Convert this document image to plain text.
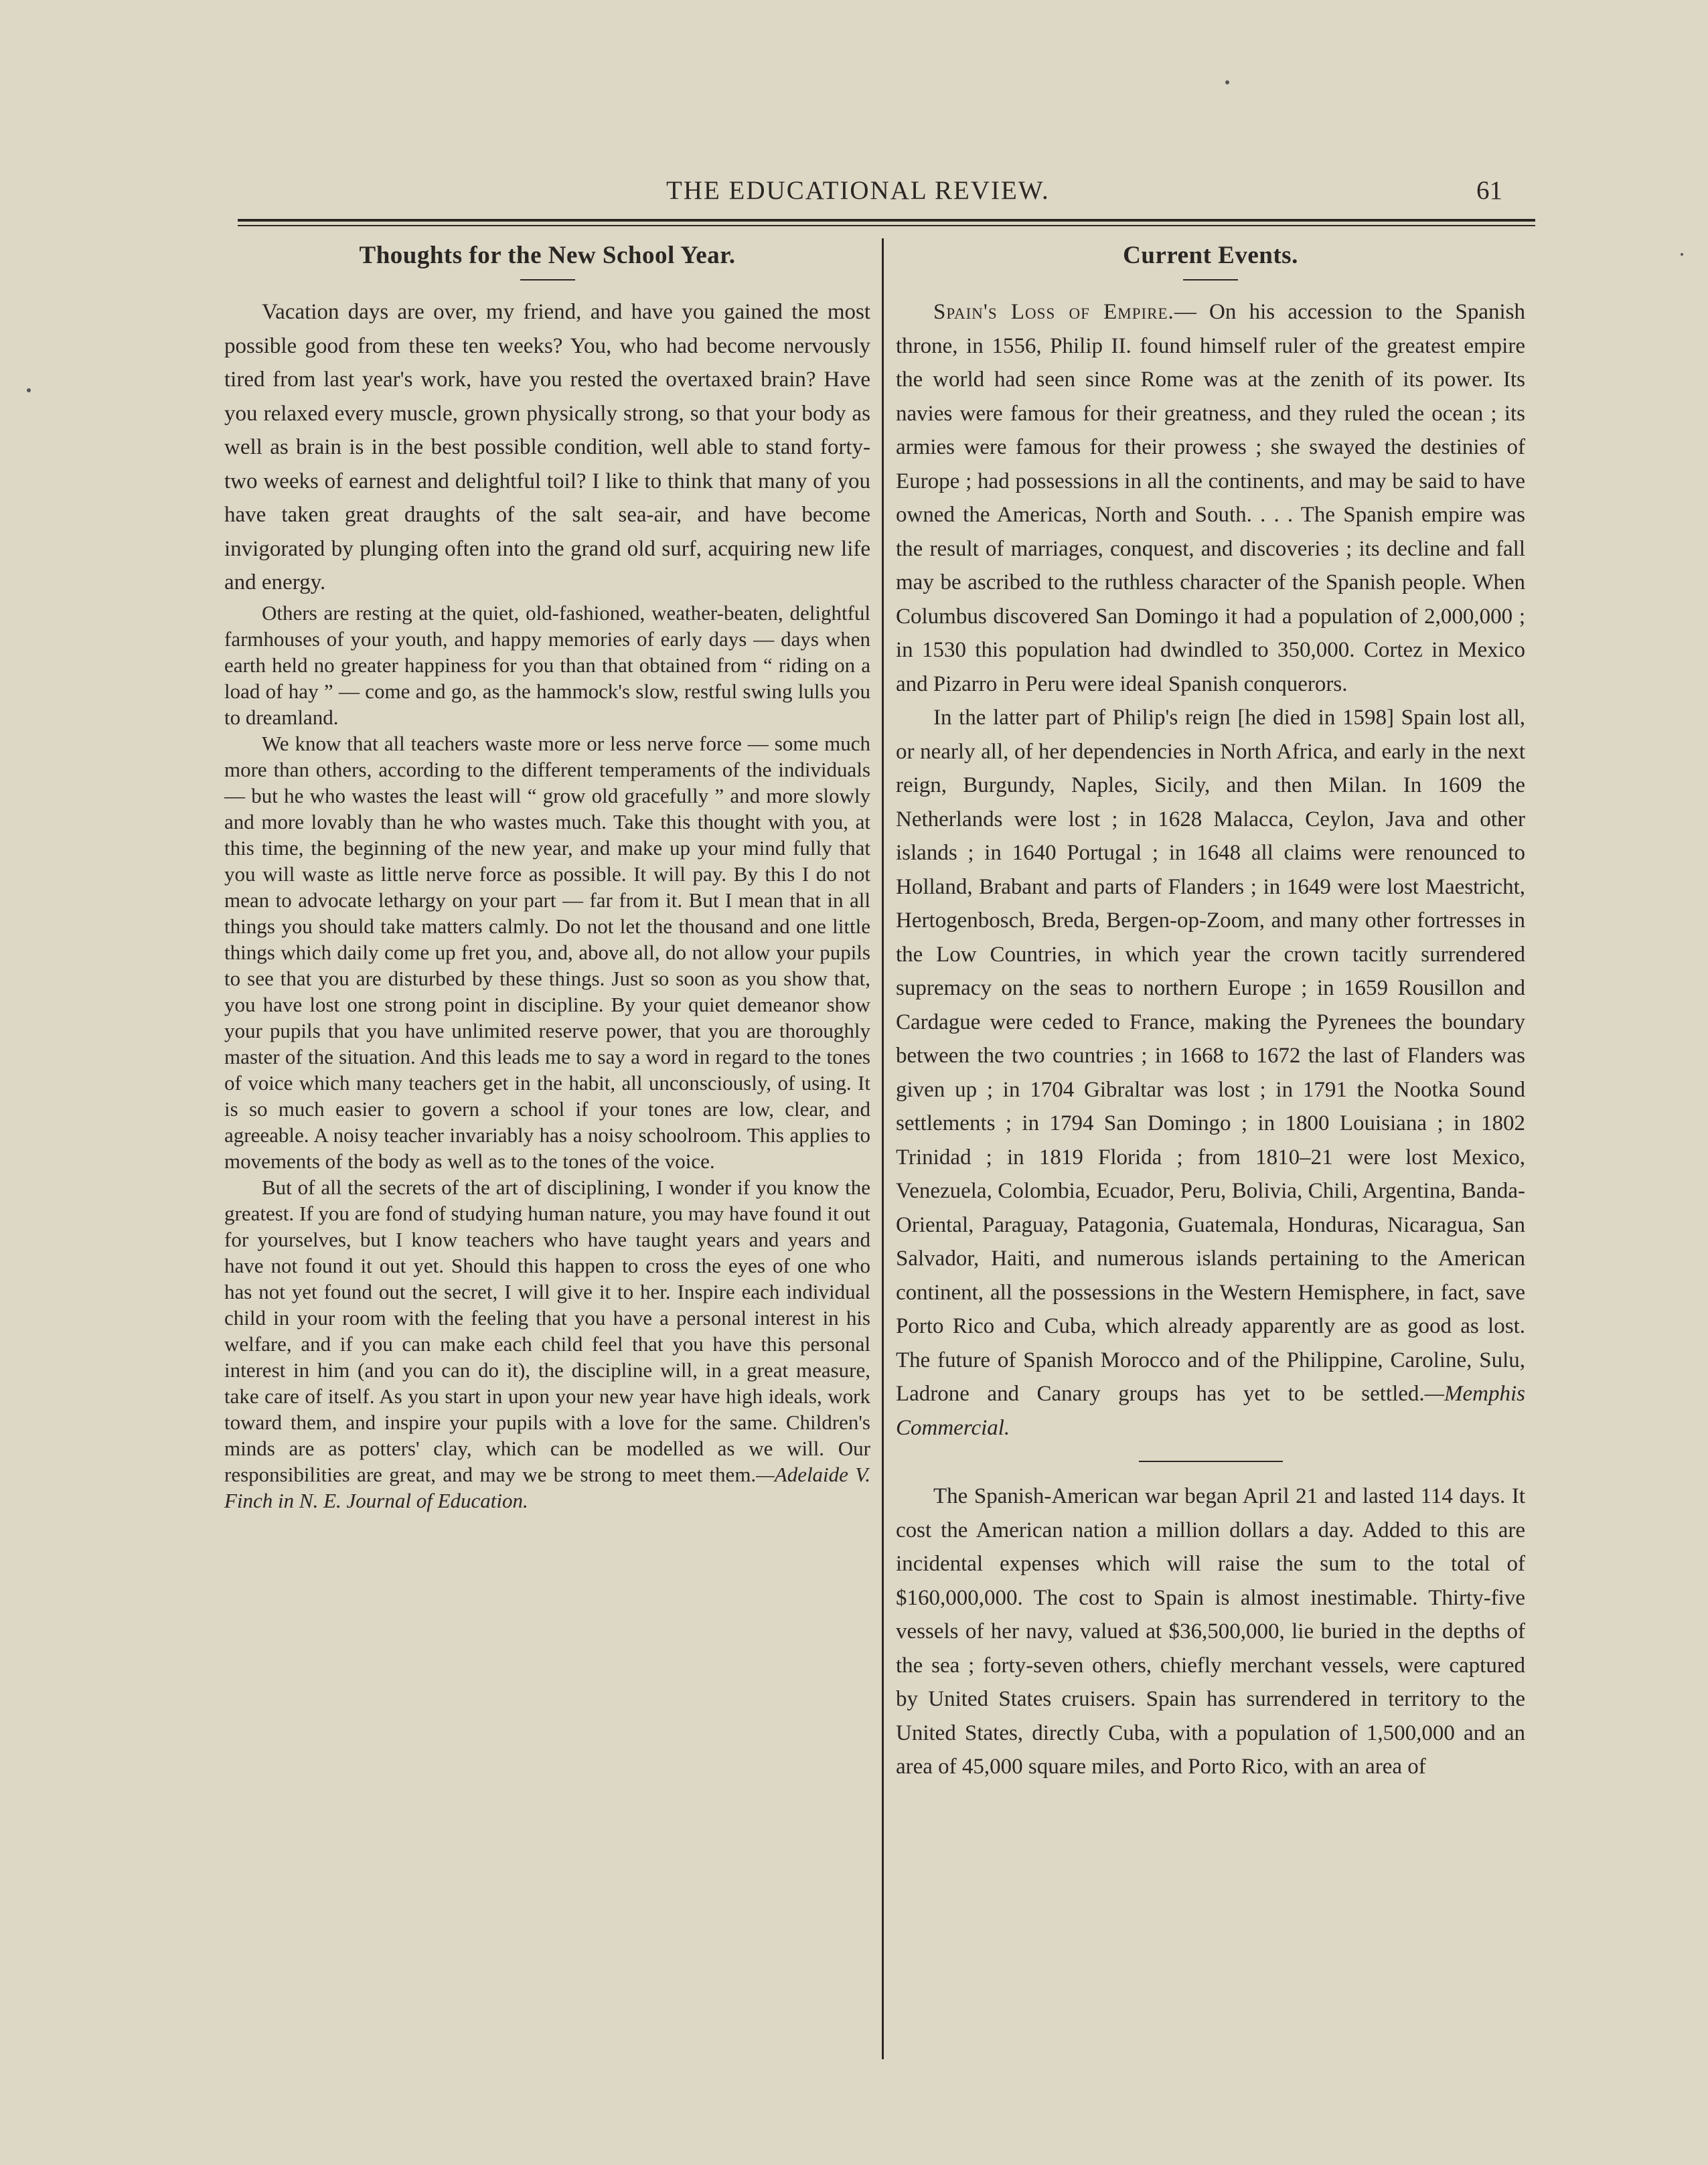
THE EDUCATIONAL REVIEW.	61
Thoughts for the New School Year.

Vacation days are over, my friend, and have you gained the most possible good from these ten weeks? You, who had become nervously tired from last year's work, have you rested the overtaxed brain? Have you relaxed every muscle, grown physically strong, so that your body as well as brain is in the best possible condition, well able to stand forty-two weeks of earnest and delightful toil? I like to think that many of you have taken great draughts of the salt sea-air, and have become invigorated by plunging often into the grand old surf, acquiring new life and energy.

Others are resting at the quiet, old-fashioned, weather-beaten, delightful farmhouses of your youth, and happy memories of early days — days when earth held no greater happiness for you than that obtained from “ riding on a load of hay ” — come and go, as the hammock's slow, restful swing lulls you to dreamland.

We know that all teachers waste more or less nerve force — some much more than others, according to the different temperaments of the individuals — but he who wastes the least will “ grow old gracefully ” and more slowly and more lovably than he who wastes much. Take this thought with you, at this time, the beginning of the new year, and make up your mind fully that you will waste as little nerve force as possible. It will pay. By this I do not mean to advocate lethargy on your part — far from it. But I mean that in all things you should take matters calmly. Do not let the thousand and one little things which daily come up fret you, and, above all, do not allow your pupils to see that you are disturbed by these things. Just so soon as you show that, you have lost one strong point in discipline. By your quiet demeanor show your pupils that you have unlimited reserve power, that you are thoroughly master of the situation. And this leads me to say a word in regard to the tones of voice which many teachers get in the habit, all unconsciously, of using. It is so much easier to govern a school if your tones are low, clear, and agreeable. A noisy teacher invariably has a noisy schoolroom. This applies to movements of the body as well as to the tones of the voice.

But of all the secrets of the art of disciplining, I wonder if you know the greatest. If you are fond of studying human nature, you may have found it out for yourselves, but I know teachers who have taught years and years and have not found it out yet. Should this happen to cross the eyes of one who has not yet found out the secret, I will give it to her. Inspire each individual child in your room with the feeling that you have a personal interest in his welfare, and if you can make each child feel that you have this personal interest in him (and you can do it), the discipline will, in a great measure, take care of itself. As you start in upon your new year have high ideals, work toward them, and inspire your pupils with a love for the same. Children's minds are as potters' clay, which can be modelled as we will. Our responsibilities are great, and may we be strong to meet them.—Adelaide V. Finch in N. E. Journal of Education.

Current Events.

Spain's Loss of Empire.— On his accession to the Spanish throne, in 1556, Philip II. found himself ruler of the greatest empire the world had seen since Rome was at the zenith of its power. Its navies were famous for their greatness, and they ruled the ocean ; its armies were famous for their prowess ; she swayed the destinies of Europe ; had possessions in all the continents, and may be said to have owned the Americas, North and South. . . . The Spanish empire was the result of marriages, conquest, and discoveries ; its decline and fall may be ascribed to the ruthless character of the Spanish people. When Columbus discovered San Domingo it had a population of 2,000,000 ; in 1530 this population had dwindled to 350,000. Cortez in Mexico and Pizarro in Peru were ideal Spanish conquerors.

In the latter part of Philip's reign [he died in 1598] Spain lost all, or nearly all, of her dependencies in North Africa, and early in the next reign, Burgundy, Naples, Sicily, and then Milan. In 1609 the Netherlands were lost ; in 1628 Malacca, Ceylon, Java and other islands ; in 1640 Portugal ; in 1648 all claims were renounced to Holland, Brabant and parts of Flanders ; in 1649 were lost Maestricht, Hertogenbosch, Breda, Bergen-op-Zoom, and many other fortresses in the Low Countries, in which year the crown tacitly surrendered supremacy on the seas to northern Europe ; in 1659 Rousillon and Cardague were ceded to France, making the Pyrenees the boundary between the two countries ; in 1668 to 1672 the last of Flanders was given up ; in 1704 Gibraltar was lost ; in 1791 the Nootka Sound settlements ; in 1794 San Domingo ; in 1800 Louisiana ; in 1802 Trinidad ; in 1819 Florida ; from 1810–21 were lost Mexico, Venezuela, Colombia, Ecuador, Peru, Bolivia, Chili, Argentina, Banda-Oriental, Paraguay, Patagonia, Guatemala, Honduras, Nicaragua, San Salvador, Haiti, and numerous islands pertaining to the American continent, all the possessions in the Western Hemisphere, in fact, save Porto Rico and Cuba, which already apparently are as good as lost. The future of Spanish Morocco and of the Philippine, Caroline, Sulu, Ladrone and Canary groups has yet to be settled.—Memphis Commercial.

The Spanish-American war began April 21 and lasted 114 days. It cost the American nation a million dollars a day. Added to this are incidental expenses which will raise the sum to the total of $160,000,000. The cost to Spain is almost inestimable. Thirty-five vessels of her navy, valued at $36,500,000, lie buried in the depths of the sea ; forty-seven others, chiefly merchant vessels, were captured by United States cruisers. Spain has surrendered in territory to the United States, directly Cuba, with a population of 1,500,000 and an area of 45,000 square miles, and Porto Rico, with an area of
